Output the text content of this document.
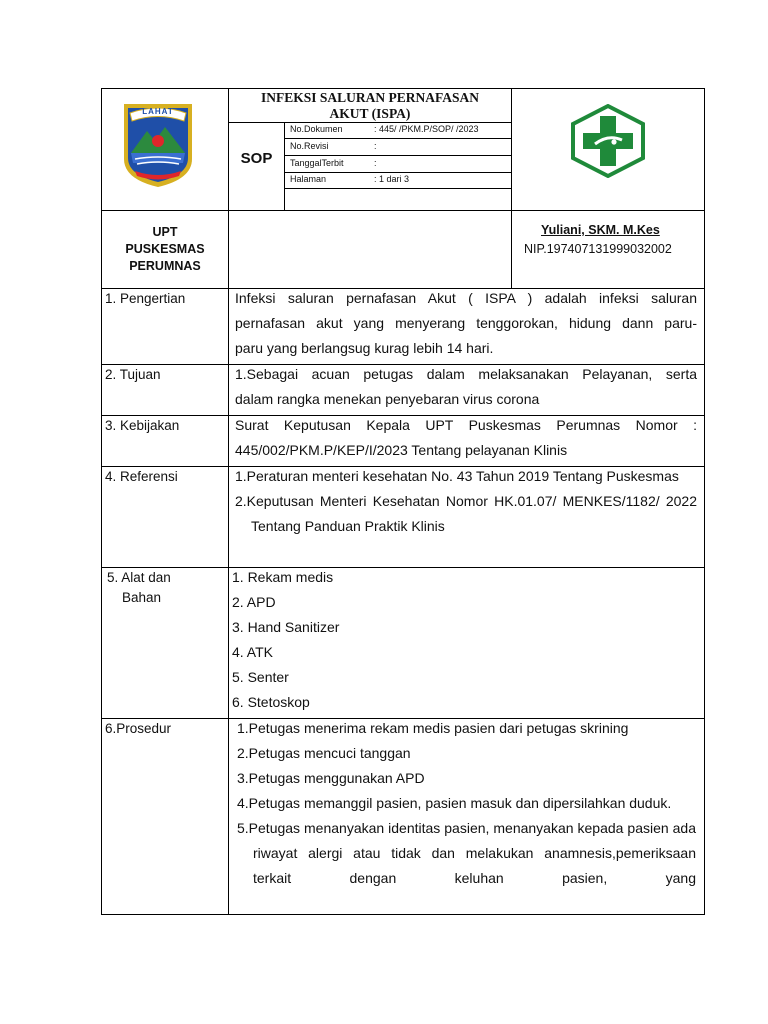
LAHAT
INFEKSI SALURAN PERNAFASAN
AKUT (ISPA)
SOP
No.Dokumen	: 445/ /PKM.P/SOP/ /2023
No.Revisi	:
TanggalTerbit	:
Halaman	: 1 dari 3
UPT
PUSKESMAS
PERUMNAS
Yuliani, SKM. M.Kes
NIP.197407131999032002
1. Pengertian	Infeksi saluran pernafasan Akut ( ISPA ) adalah infeksi saluran
pernafasan akut yang menyerang tenggorokan, hidung dann paru-
paru yang berlangsug kurag lebih 14 hari.
2. Tujuan	1.Sebagai acuan petugas dalam melaksanakan Pelayanan, serta
dalam rangka menekan penyebaran virus corona
3. Kebijakan	Surat Keputusan Kepala UPT Puskesmas Perumnas Nomor :
445/002/PKM.P/KEP/I/2023 Tentang pelayanan Klinis
4. Referensi	1.Peraturan menteri kesehatan No. 43 Tahun 2019 Tentang Puskesmas
2.Keputusan Menteri Kesehatan Nomor HK.01.07/ MENKES/1182/ 2022 Tentang Panduan Praktik Klinis
5. Alat dan
Bahan
1. Rekam medis
2. APD
3. Hand Sanitizer
4. ATK
5. Senter
6. Stetoskop
6.Prosedur	1.Petugas menerima rekam medis pasien dari petugas skrining
2.Petugas mencuci tanggan
3.Petugas menggunakan APD
4.Petugas memanggil pasien, pasien masuk dan dipersilahkan duduk.
5.Petugas menanyakan identitas pasien, menanyakan kepada pasien ada riwayat alergi atau tidak dan melakukan anamnesis,pemeriksaan terkait dengan keluhan pasien, yang
